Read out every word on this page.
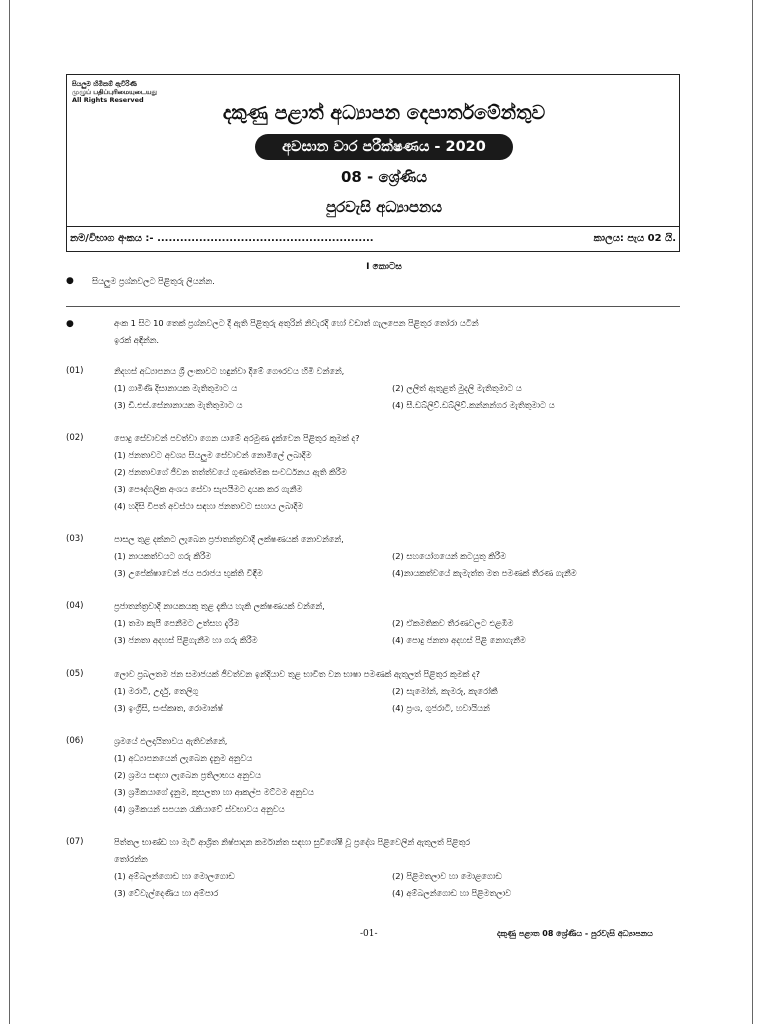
සියලුම හිමිකම් ඇවිරිණි
முழுப் பதிப்புரிமையுடையது
All Rights Reserved
දකුණු පළාත් අධ්‍යාපන දෙපාර්තමේන්තුව
අවසාන වාර පරීක්ෂණය - 2020
08 - ශ්‍රේණිය
පුරවැසි අධ්‍යාපනය
නම/විභාග අංකය :- .........................................................	කාලය: පැය 02 යි.
I කොටස
● සියලුම ප්‍රශ්නවලට පිළිතුරු ලියන්න.
●	අංක 1 සිට 10 තෙක් ප්‍රශ්නවලට දී ඇති පිළිතුරු අතුරින් නිවැරදි හෝ වඩාත් ගැලපෙන පිළිතුර තෝරා යටින්
ඉරක් අඳින්න.
(01)	නිදහස් අධ්‍යාපනය ශ්‍රී ලංකාවට හඳුන්වා දීමේ ගෞරවය හිමි වන්නේ,
(1) ගාමිණී දිසානායක මැතිතුමාට ය	(2) ලලිත් ඇතුළත් මුදලි මැතිතුමාට ය
(3) ඩී.එස්.සේනානායක මැතිතුමාට ය	(4) සී.ඩබ්ලිව්.ඩබ්ලිව්.කන්නන්ගර මැතිතුමාට ය
(02)	පොදු සේවාවන් පවත්වා ගෙන යාමේ අරමුණ දැක්වෙන පිළිතුර කුමක් ද?
(1) ජනතාවට අවශ්‍ය සියලුම සේවාවන් නොමිලේ ලබාදීම
(2) ජනතාවගේ ජීවන තත්ත්වයේ ගුණාත්මක සංවර්ධනය ඇති කිරීම
(3) පෞද්ගලික අංශය සේවා සැපයීමට දායක කර ගැනීම
(4) හදිසි විපත් අවස්ථා සඳහා ජනතාවට සහාය ලබාදීම
(03)	පාසල තුළ දක්නට ලැබෙන ප්‍රජාතන්ත්‍රවාදී ලක්ෂණයක් නොවන්නේ,
(1) නායකත්වයට ගරු කිරීම	(2) සහයෝගයෙන් කටයුතු කිරීම
(3) උපේක්ෂාවෙන් ජය පරාජය භුක්ති විඳීම	(4)නායකත්වයේ කැමැත්ත මත පමණක් තීරණ ගැනීම
(04)	ප්‍රජාතන්ත්‍රවාදී නායකයකු තුළ දැකිය හැකි ලක්ෂණයක් වන්නේ,
(1) තමා කැපී පෙනීමට උත්සහ දැරීම	(2) ඒකමතිකව තීරණවලට එළඹීම
(3) ජනතා අදහස් පිළිගැනීම හා ගරු කිරීම	(4) පොදු ජනතා අදහස් පිළි නොගැනීම
(05)	ලොව ප්‍රබලතම ජන සමාජයක් ජීවත්වන ඉන්දියාව තුළ භාවිත වන භාෂා පමණක් ඇතුලත් පිළිතුර කුමක් ද?
(1) මරාටි, උර්දු, තෙලිගු	(2) සැමෝන්, කැමරූ, කැරෝකී
(3) ඉංග්‍රීසි, සංස්කෘත, රොමාන්ෂ්	(4) ප්‍රංශ, ගුජරාටි, හවායියන්
(06)	ශ්‍රමයේ ඵලදායිතාවය ඇතිවන්නේ,
(1) අධ්‍යාපනයෙන් ලැබෙන දැනුම අනුවය
(2) ශ්‍රමය සඳහා ලැබෙන ප්‍රතිලාභය අනුවය
(3) ශ්‍රමිකයාගේ දැනුම, කුසලතා හා ආකල්ප මට්ටම අනුවය
(4) ශ්‍රමිකයන් සපයන රැකියාවේ ස්වභාවය අනුවය
(07)	පිත්තල භාණ්ඩ හා මැටි ආශ්‍රිත නිෂ්පාදන කර්මාන්ත සඳහා සුවිශේෂී වූ ප්‍රදේශ පිළිවෙලින් ඇතුලත් පිළිතුර
තෝරන්න
(1) අම්බලන්ගොඩ හා මොලගොඩ	(2) පිළිමතලාව හා මොළගොඩ
(3) වේවැල්දෙණිය හා අම්පාර	(4) අම්බලන්ගොඩ හා පිළිමතලාව
-01-	දකුණු පළාත 08 ශ්‍රේණිය - පුරවැසි අධ්‍යාපනය
